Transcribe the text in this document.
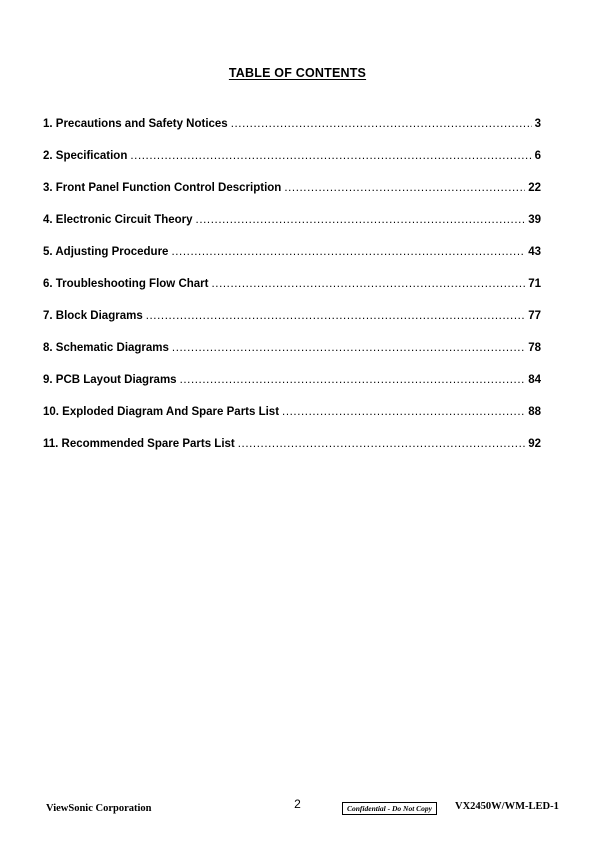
TABLE OF CONTENTS
1. Precautions and Safety Notices .....	3
2. Specification .....	6
3. Front Panel Function Control Description .....	22
4. Electronic Circuit Theory .....	39
5. Adjusting Procedure .....	43
6. Troubleshooting Flow Chart .....	71
7. Block Diagrams .....	77
8. Schematic Diagrams .....	78
9. PCB Layout Diagrams .....	84
10. Exploded Diagram And Spare Parts List .....	88
11. Recommended Spare Parts List .....	92
ViewSonic Corporation	2	Confidential - Do Not Copy	VX2450W/WM-LED-1
